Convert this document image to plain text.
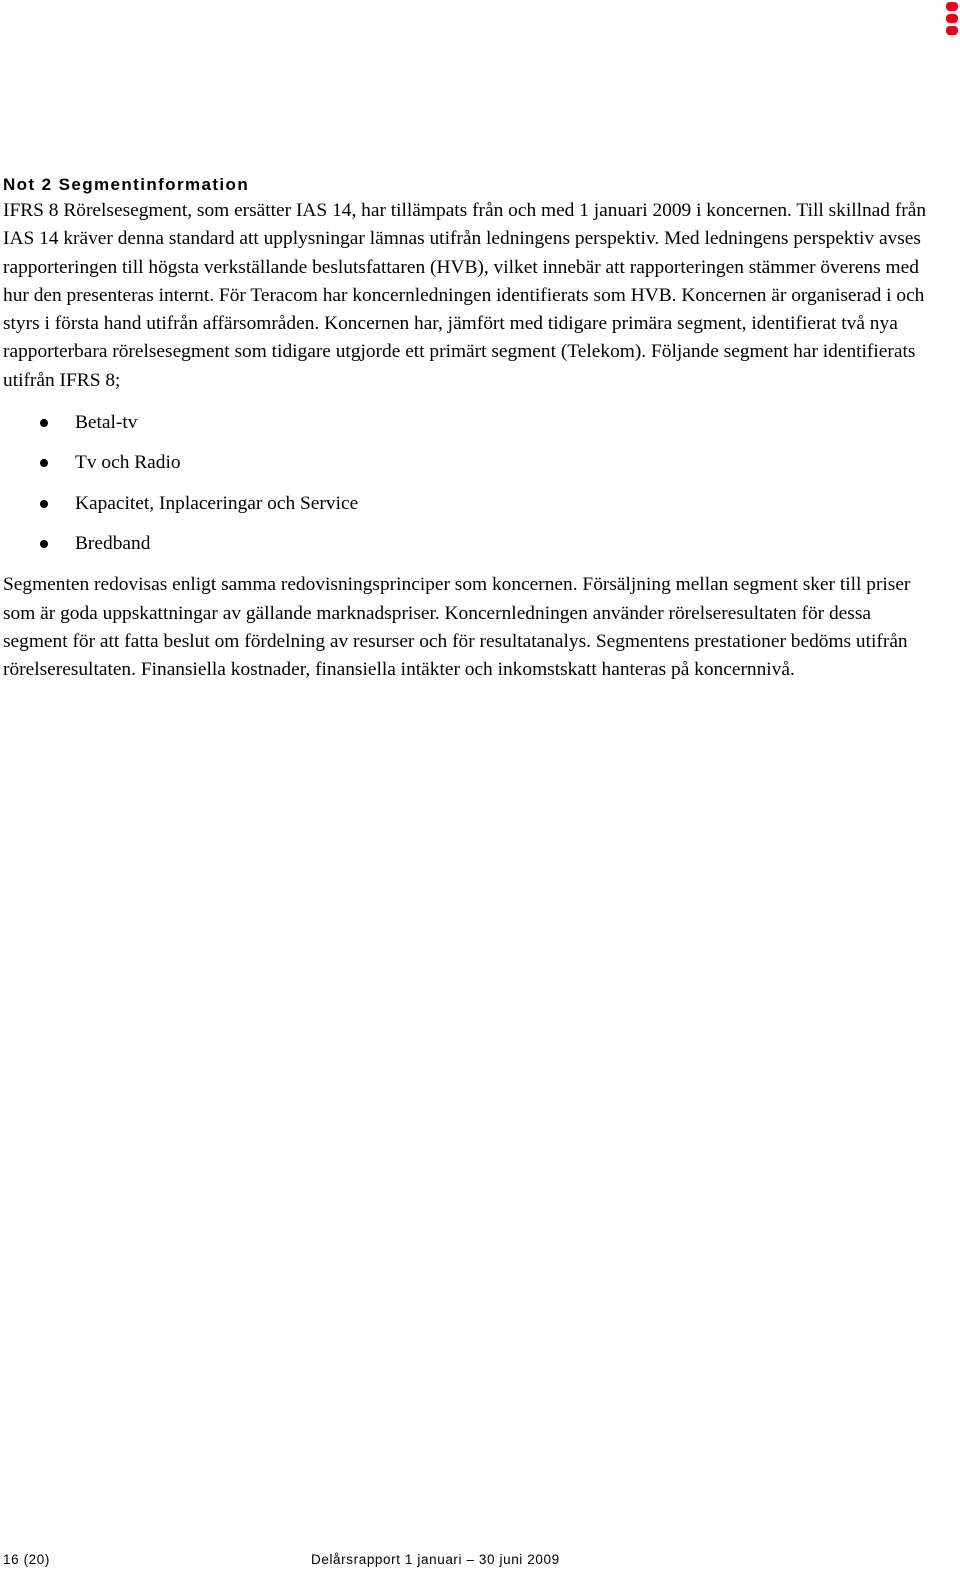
Not 2 Segmentinformation

IFRS 8 Rörelsesegment, som ersätter IAS 14, har tillämpats från och med 1 januari 2009 i koncernen. Till skillnad från IAS 14 kräver denna standard att upplysningar lämnas utifrån ledningens perspektiv. Med ledningens perspektiv avses rapporteringen till högsta verkställande beslutsfattaren (HVB), vilket innebär att rapporteringen stämmer överens med hur den presenteras internt. För Teracom har koncernledningen identifierats som HVB. Koncernen är organiserad i och styrs i första hand utifrån affärsområden. Koncernen har, jämfört med tidigare primära segment, identifierat två nya rapporterbara rörelsesegment som tidigare utgjorde ett primärt segment (Telekom). Följande segment har identifierats utifrån IFRS 8;

Betal-tv
Tv och Radio
Kapacitet, Inplaceringar och Service
Bredband

Segmenten redovisas enligt samma redovisningsprinciper som koncernen. Försäljning mellan segment sker till priser som är goda uppskattningar av gällande marknadspriser. Koncernledningen använder rörelseresultaten för dessa segment för att fatta beslut om fördelning av resurser och för resultatanalys. Segmentens prestationer bedöms utifrån rörelseresultaten. Finansiella kostnader, finansiella intäkter och inkomstskatt hanteras på koncernnivå.

16 (20)	Delårsrapport 1 januari – 30 juni 2009
